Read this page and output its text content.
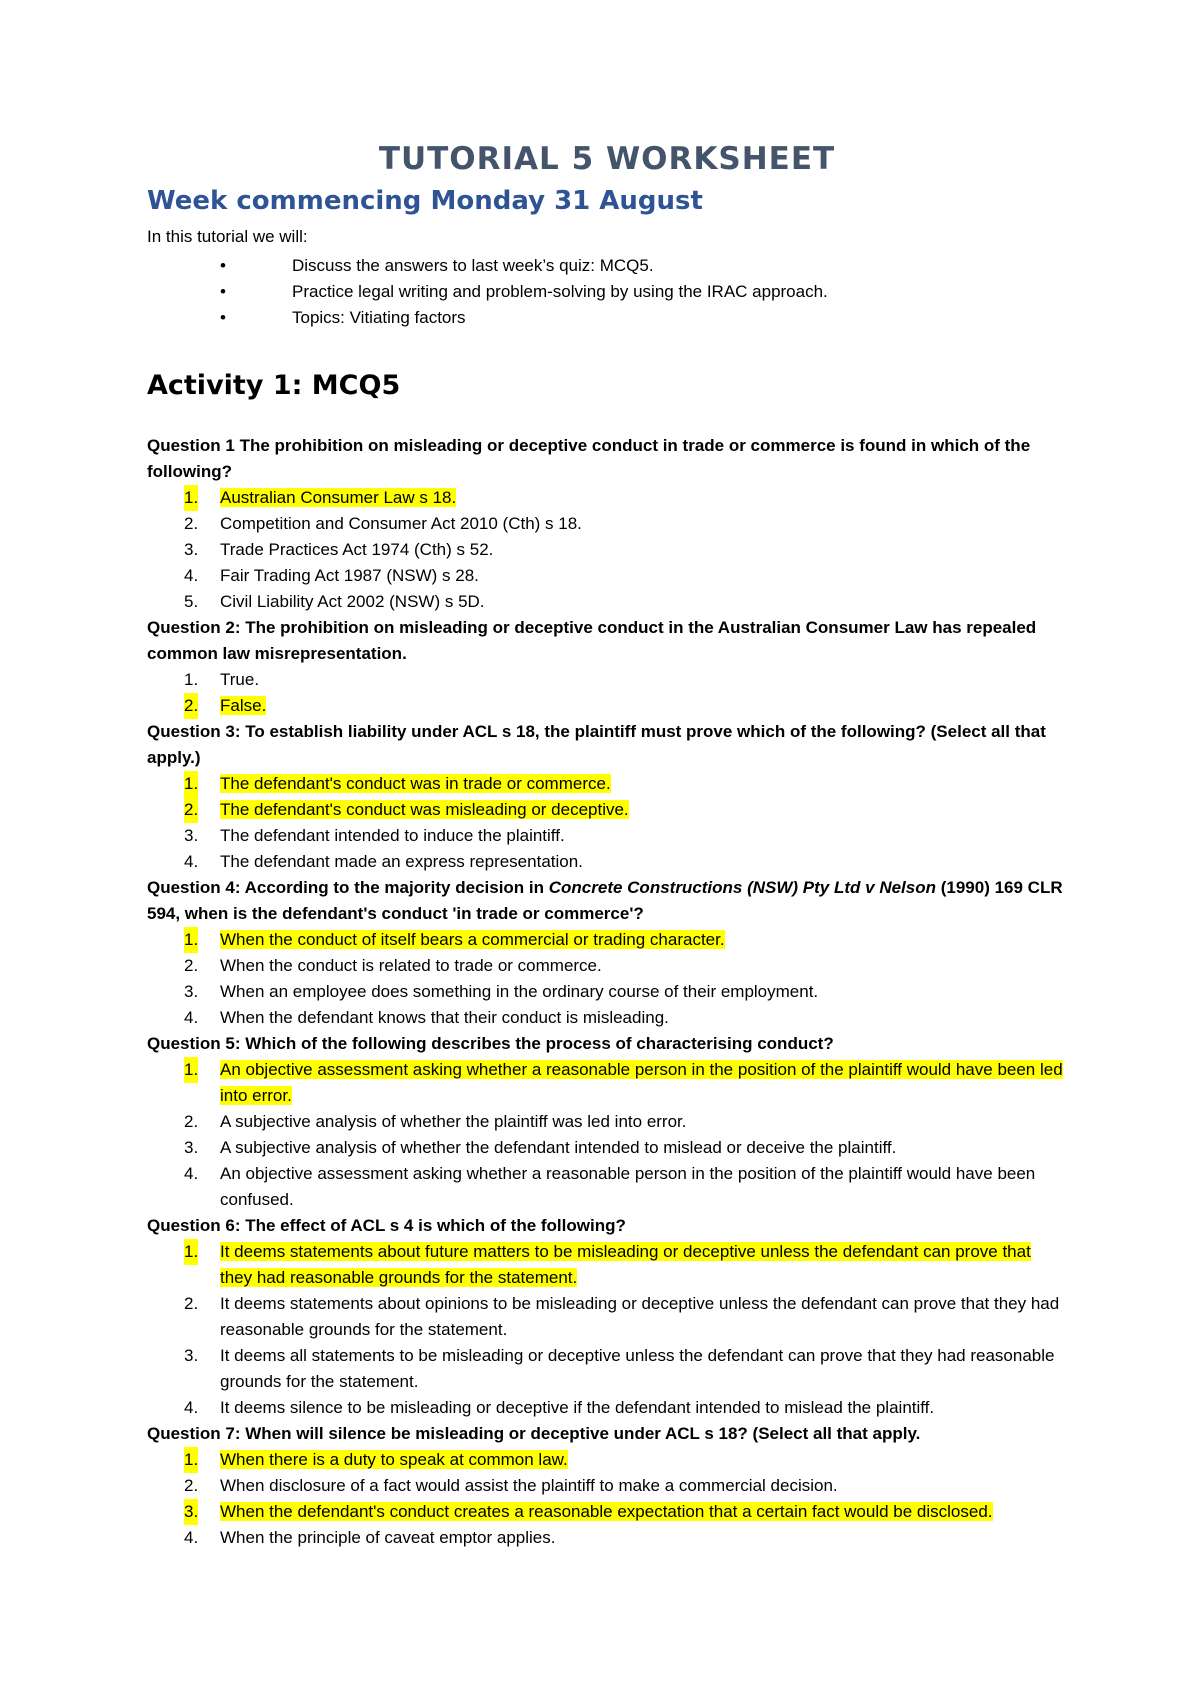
TUTORIAL 5 WORKSHEET
Week commencing Monday 31 August

In this tutorial we will:

•	Discuss the answers to last week’s quiz: MCQ5.
•	Practice legal writing and problem-solving by using the IRAC approach.
•	Topics: Vitiating factors
Activity 1: MCQ5

Question 1 The prohibition on misleading or deceptive conduct in trade or commerce is found in which of the following?

1. Australian Consumer Law s 18.
2. Competition and Consumer Act 2010 (Cth) s 18.
3. Trade Practices Act 1974 (Cth) s 52.
4. Fair Trading Act 1987 (NSW) s 28.
5. Civil Liability Act 2002 (NSW) s 5D.

Question 2: The prohibition on misleading or deceptive conduct in the Australian Consumer Law has repealed common law misrepresentation.

1. True.
2. False.

Question 3: To establish liability under ACL s 18, the plaintiff must prove which of the following? (Select all that apply.)

1. The defendant's conduct was in trade or commerce.
2. The defendant's conduct was misleading or deceptive.
3. The defendant intended to induce the plaintiff.
4. The defendant made an express representation.

Question 4: According to the majority decision in Concrete Constructions (NSW) Pty Ltd v Nelson (1990) 169 CLR 594, when is the defendant's conduct 'in trade or commerce'?

1. When the conduct of itself bears a commercial or trading character.
2. When the conduct is related to trade or commerce.
3. When an employee does something in the ordinary course of their employment.
4. When the defendant knows that their conduct is misleading.

Question 5: Which of the following describes the process of characterising conduct?

1. An objective assessment asking whether a reasonable person in the position of the plaintiff would have been led into error.
2. A subjective analysis of whether the plaintiff was led into error.
3. A subjective analysis of whether the defendant intended to mislead or deceive the plaintiff.
4. An objective assessment asking whether a reasonable person in the position of the plaintiff would have been confused.

Question 6: The effect of ACL s 4 is which of the following?

1. It deems statements about future matters to be misleading or deceptive unless the defendant can prove that they had reasonable grounds for the statement.
2. It deems statements about opinions to be misleading or deceptive unless the defendant can prove that they had reasonable grounds for the statement.
3. It deems all statements to be misleading or deceptive unless the defendant can prove that they had reasonable grounds for the statement.
4. It deems silence to be misleading or deceptive if the defendant intended to mislead the plaintiff.

Question 7: When will silence be misleading or deceptive under ACL s 18? (Select all that apply.

1. When there is a duty to speak at common law.
2. When disclosure of a fact would assist the plaintiff to make a commercial decision.
3. When the defendant's conduct creates a reasonable expectation that a certain fact would be disclosed.
4. When the principle of caveat emptor applies.
